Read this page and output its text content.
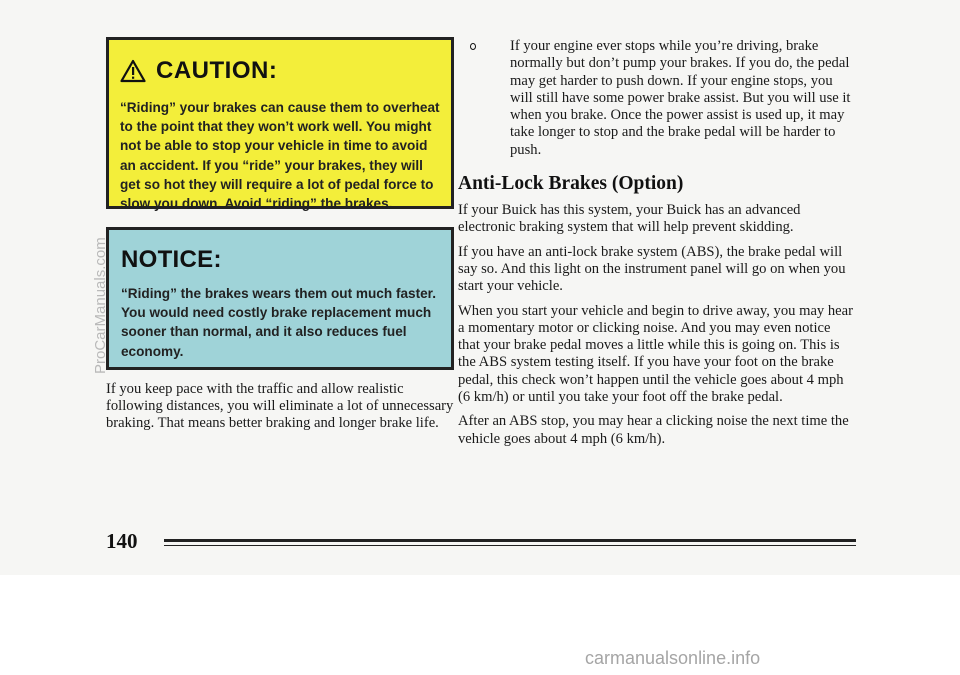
CAUTION:

“Riding” your brakes can cause them to overheat to the point that they won’t work well. You might not be able to stop your vehicle in time to avoid an accident. If you “ride” your brakes, they will get so hot they will require a lot of pedal force to slow you down. Avoid “riding” the brakes.

NOTICE:

“Riding” the brakes wears them out much faster. You would need costly brake replacement much sooner than normal, and it also reduces fuel economy.

If you keep pace with the traffic and allow realistic following distances, you will eliminate a lot of unnecessary braking. That means better braking and longer brake life.

If your engine ever stops while you’re driving, brake normally but don’t pump your brakes. If you do, the pedal may get harder to push down. If your engine stops, you will still have some power brake assist. But you will use it when you brake. Once the power assist is used up, it may take longer to stop and the brake pedal will be harder to push.
Anti-Lock Brakes (Option)

If your Buick has this system, your Buick has an advanced electronic braking system that will help prevent skidding.

If you have an anti-lock brake system (ABS), the brake pedal will say so. And this light on the instrument panel will go on when you start your vehicle.

When you start your vehicle and begin to drive away, you may hear a momentary motor or clicking noise. And you may even notice that your brake pedal moves a little while this is going on. This is the ABS system testing itself. If you have your foot on the brake pedal, this check won’t happen until the vehicle goes about 4 mph (6 km/h) or until you take your foot off the brake pedal.

After an ABS stop, you may hear a clicking noise the next time the vehicle goes about 4 mph (6 km/h).

140
ProCarManuals.com
carmanualsonline.info
